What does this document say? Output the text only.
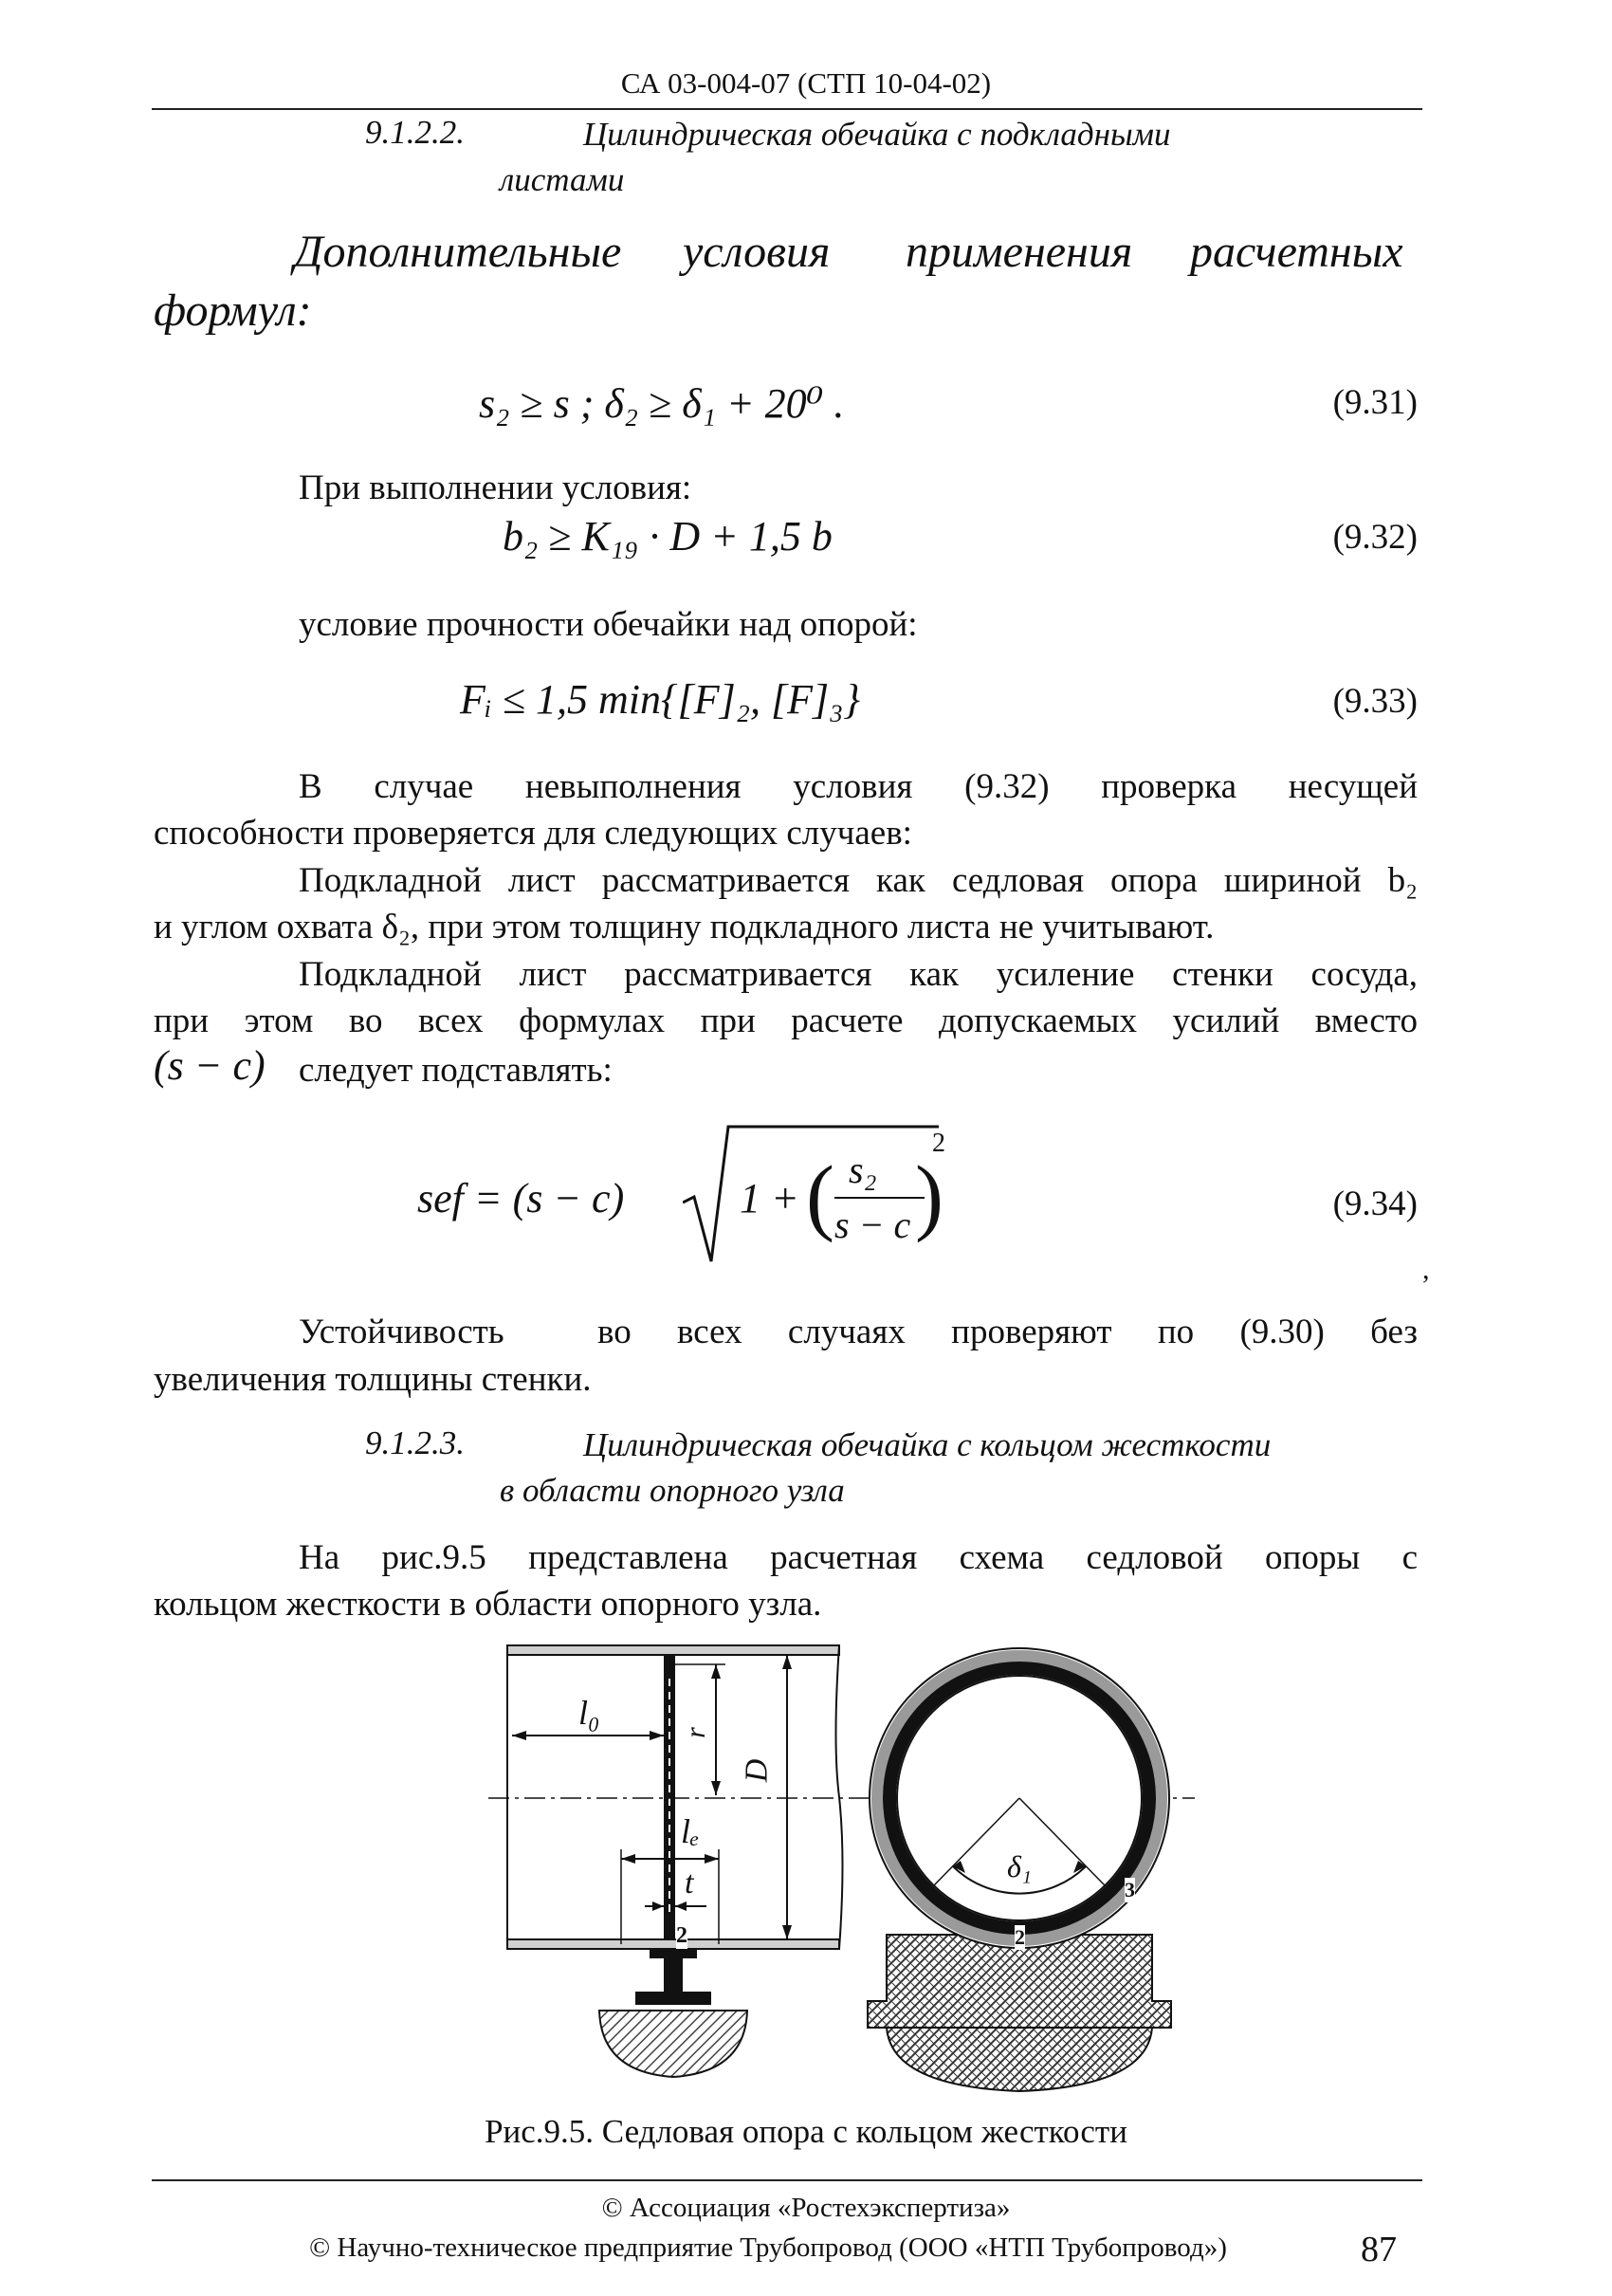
СА 03-004-07 (СТП 10-04-02)
9.1.2.2.	Цилиндрическая обечайка с подкладными
листами
Дополнительные условия применения расчетных
формул:
s₂ ≥ s ; δ₂ ≥ δ₁ + 20⁰ .	(9.31)
При выполнении условия:
b₂ ≥ K₁₉ · D + 1,5 b	(9.32)
условие прочности обечайки над опорой:
Fᵢ ≤ 1,5 min{[F]₂, [F]₃}	(9.33)
В случае невыполнения условия (9.32) проверка несущей
способности проверяется для следующих случаев:
Подкладной лист рассматривается как седловая опора шириной b₂
и углом охвата δ₂, при этом толщину подкладного листа не учитывают.
Подкладной лист рассматривается как усиление стенки сосуда,
при этом во всех формулах при расчете допускаемых усилий вместо
(s − c) следует подставлять:
sef = (s − c)	1 + ( s₂
s − c )
2
(9.34)
,
Устойчивость	во всех случаях проверяют по (9.30) без
увеличения толщины стенки.
9.1.2.3.	Цилиндрическая обечайка с кольцом жесткости
в области опорного узла
На рис.9.5 представлена расчетная схема седловой опоры с
кольцом жесткости в области опорного узла.
l₀
r
D
lₑ
t
2
δ₁
3
2
Рис.9.5. Седловая опора с кольцом жесткости
© Ассоциация «Ростехэкспертиза»
© Научно-техническое предприятие Трубопровод (ООО «НТП Трубопровод»)	87
